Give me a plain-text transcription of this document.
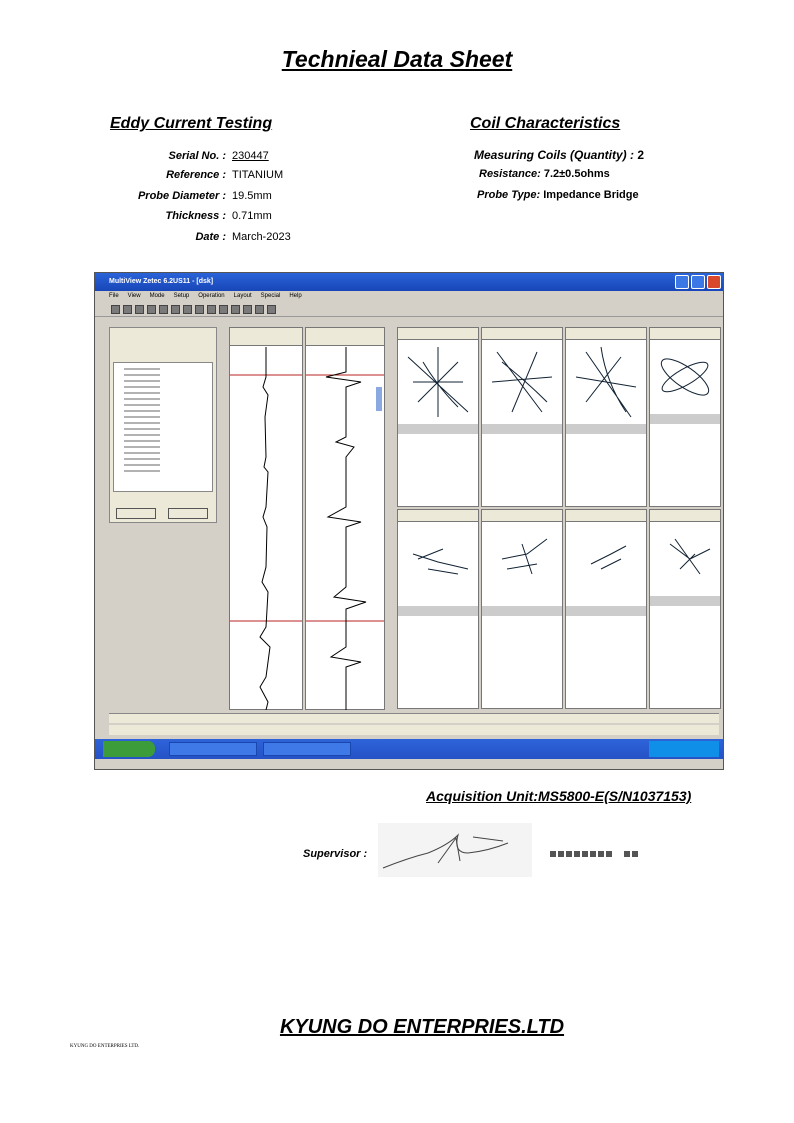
Technieal Data Sheet
Eddy Current Testing	Coil Characteristics
Serial No. : 230447
Reference : TITANIUM
Probe Diameter : 19.5mm
Thickness : 0.71mm
Date : March-2023
Measuring Coils (Quantity) : 2
Resistance: 7.2±0.5ohms
Probe Type: Impedance Bridge
MultiView Zetec 6.2US11 - [dsk]
File View Mode Setup Operation Layout Special Help
Acquisition Unit:MS5800-E(S/N1037153)
Supervisor :
KYUNG DO ENTERPRIES.LTD
KYUNG DO ENTERPRIES LTD.
